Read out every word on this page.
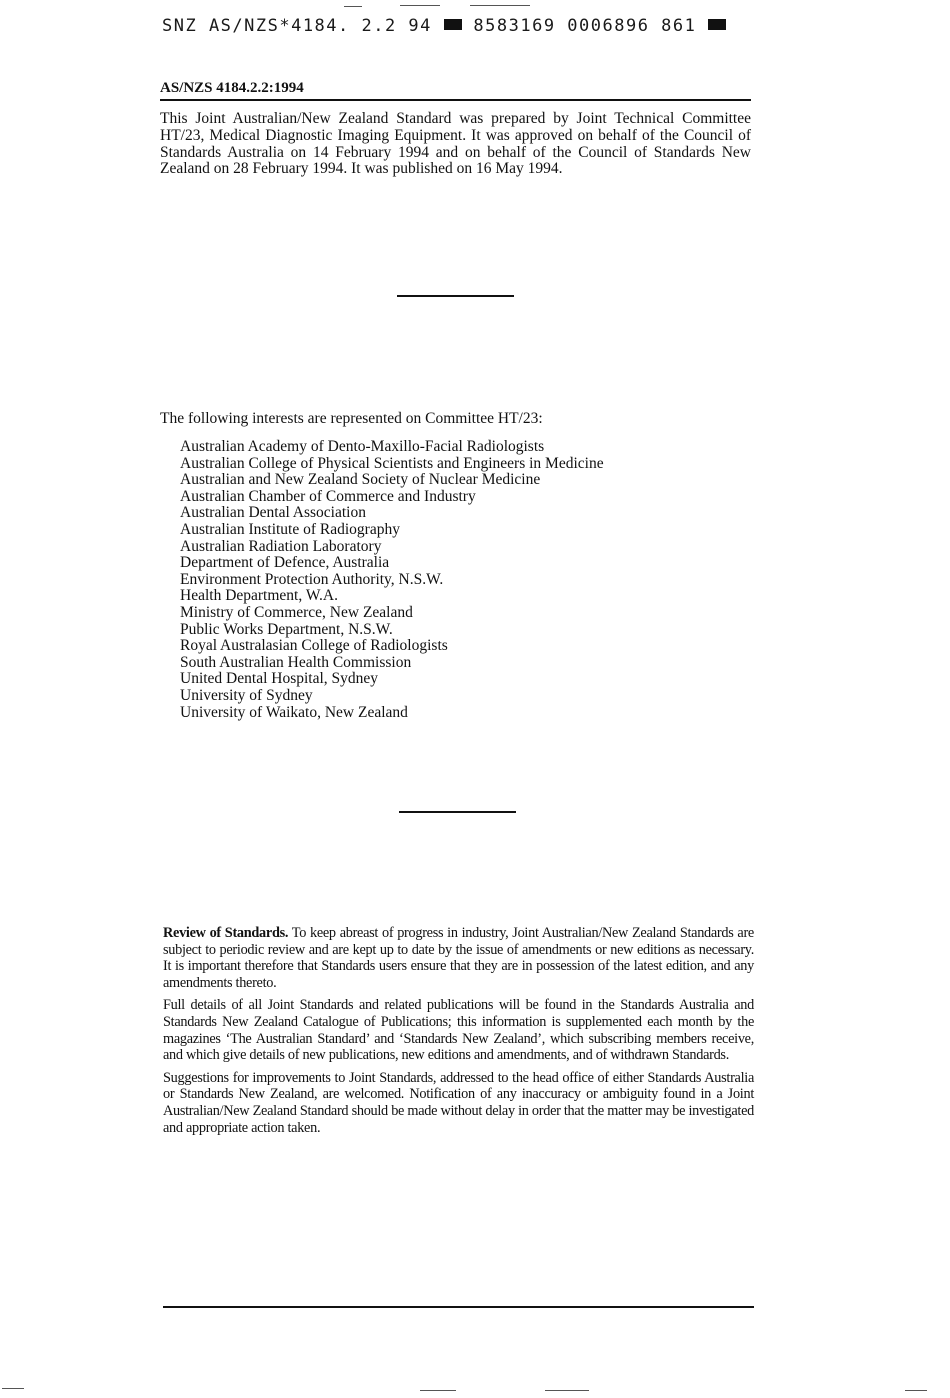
SNZ AS/NZS*4184. 2.2 94 8583169 0006896 861
AS/NZS 4184.2.2:1994

This Joint Australian/New Zealand Standard was prepared by Joint Technical Committee HT/23, Medical Diagnostic Imaging Equipment. It was approved on behalf of the Council of Standards Australia on 14 February 1994 and on behalf of the Council of Standards New Zealand on 28 February 1994. It was published on 16 May 1994.

The following interests are represented on Committee HT/23:
Australian Academy of Dento-Maxillo-Facial Radiologists
Australian College of Physical Scientists and Engineers in Medicine
Australian and New Zealand Society of Nuclear Medicine
Australian Chamber of Commerce and Industry
Australian Dental Association
Australian Institute of Radiography
Australian Radiation Laboratory
Department of Defence, Australia
Environment Protection Authority, N.S.W.
Health Department, W.A.
Ministry of Commerce, New Zealand
Public Works Department, N.S.W.
Royal Australasian College of Radiologists
South Australian Health Commission
United Dental Hospital, Sydney
University of Sydney
University of Waikato, New Zealand

Review of Standards. To keep abreast of progress in industry, Joint Australian/New Zealand Standards are subject to periodic review and are kept up to date by the issue of amendments or new editions as necessary. It is important therefore that Standards users ensure that they are in possession of the latest edition, and any amendments thereto.

Full details of all Joint Standards and related publications will be found in the Standards Australia and Standards New Zealand Catalogue of Publications; this information is supplemented each month by the magazines ‘The Australian Standard’ and ‘Standards New Zealand’, which subscribing members receive, and which give details of new publications, new editions and amendments, and of withdrawn Standards.

Suggestions for improvements to Joint Standards, addressed to the head office of either Standards Australia or Standards New Zealand, are welcomed. Notification of any inaccuracy or ambiguity found in a Joint Australian/New Zealand Standard should be made without delay in order that the matter may be investigated and appropriate action taken.
